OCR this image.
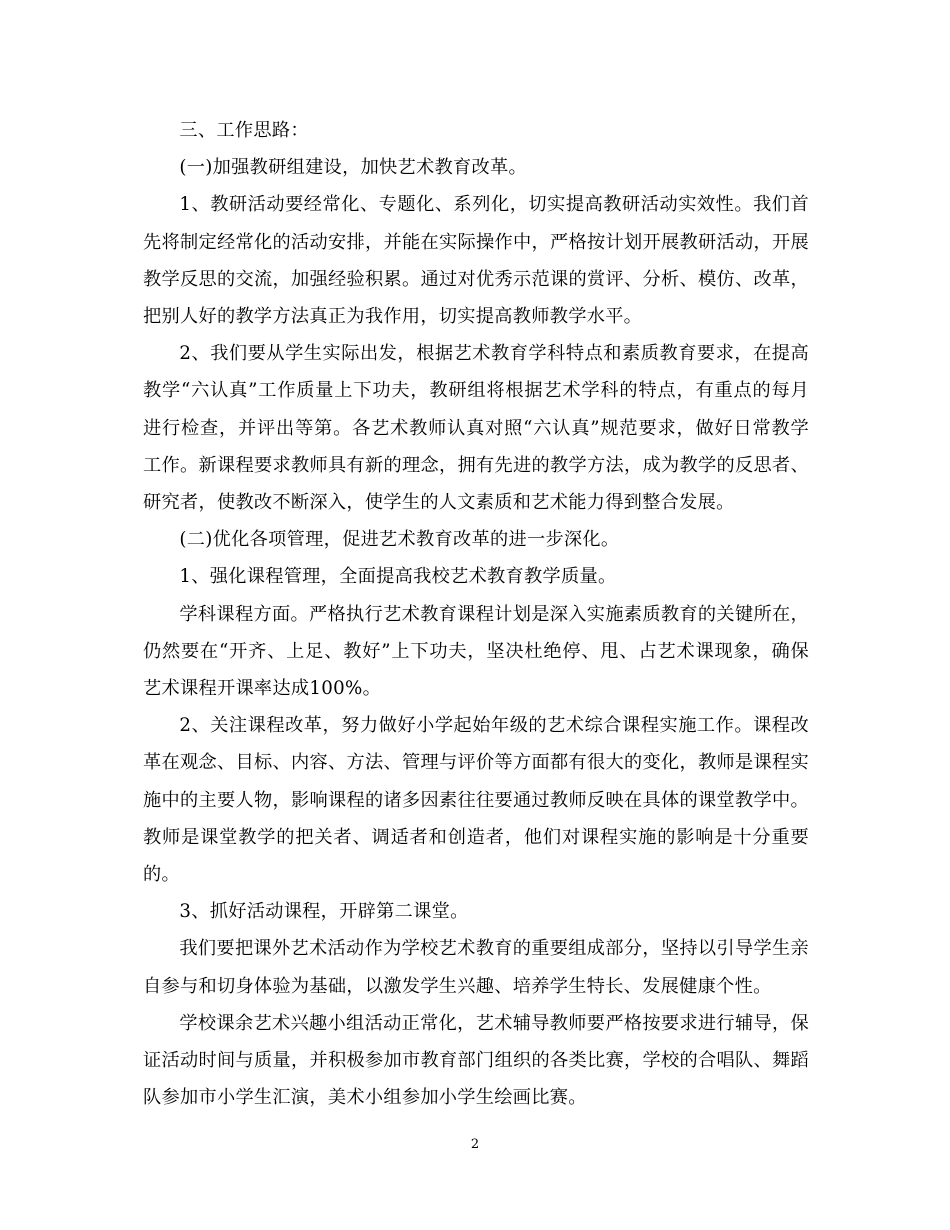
三、工作思路：

(一)加强教研组建设，加快艺术教育改革。

1、教研活动要经常化、专题化、系列化，切实提高教研活动实效性。我们首先将制定经常化的活动安排，并能在实际操作中，严格按计划开展教研活动，开展教学反思的交流，加强经验积累。通过对优秀示范课的赏评、分析、模仿、改革，把别人好的教学方法真正为我作用，切实提高教师教学水平。

2、我们要从学生实际出发，根据艺术教育学科特点和素质教育要求，在提高教学“六认真”工作质量上下功夫，教研组将根据艺术学科的特点，有重点的每月进行检查，并评出等第。各艺术教师认真对照“六认真”规范要求，做好日常教学工作。新课程要求教师具有新的理念，拥有先进的教学方法，成为教学的反思者、研究者，使教改不断深入，使学生的人文素质和艺术能力得到整合发展。

(二)优化各项管理，促进艺术教育改革的进一步深化。

1、强化课程管理，全面提高我校艺术教育教学质量。

学科课程方面。严格执行艺术教育课程计划是深入实施素质教育的关键所在，仍然要在“开齐、上足、教好”上下功夫，坚决杜绝停、甩、占艺术课现象，确保艺术课程开课率达成100%。

2、关注课程改革，努力做好小学起始年级的艺术综合课程实施工作。课程改革在观念、目标、内容、方法、管理与评价等方面都有很大的变化，教师是课程实施中的主要人物，影响课程的诸多因素往往要通过教师反映在具体的课堂教学中。教师是课堂教学的把关者、调适者和创造者，他们对课程实施的影响是十分重要的。

3、抓好活动课程，开辟第二课堂。

我们要把课外艺术活动作为学校艺术教育的重要组成部分，坚持以引导学生亲自参与和切身体验为基础，以激发学生兴趣、培养学生特长、发展健康个性。

学校课余艺术兴趣小组活动正常化，艺术辅导教师要严格按要求进行辅导，保证活动时间与质量，并积极参加市教育部门组织的各类比赛，学校的合唱队、舞蹈队参加市小学生汇演，美术小组参加小学生绘画比赛。

2
